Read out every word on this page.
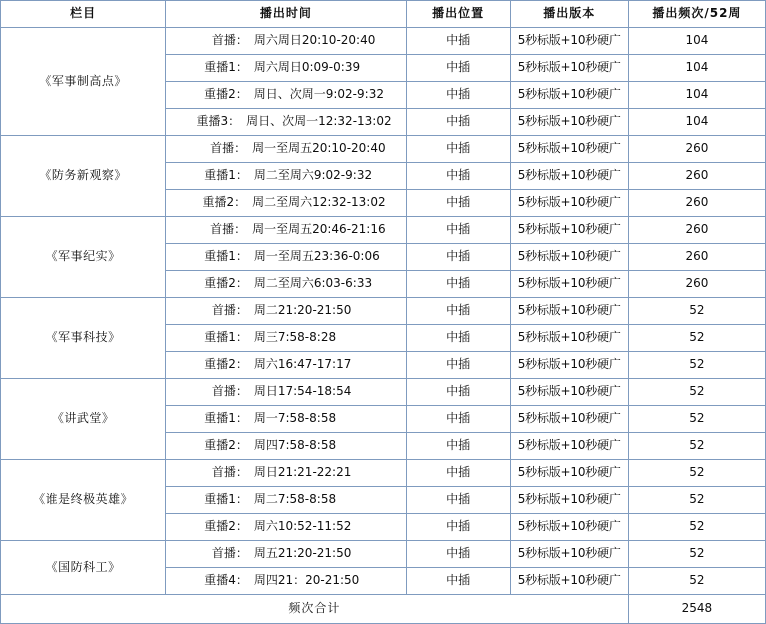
栏目	播出时间	播出位置	播出版本	播出频次/52周
《军事制高点》	首播： 周六周日20:10-20:40	中插	5秒标版+10秒硬广	104

	重播1： 周六周日0:09-0:39	中插	5秒标版+10秒硬广	104

	重播2： 周日、次周一9:02-9:32	中插	5秒标版+10秒硬广	104

	重播3： 周日、次周一12:32-13:02	中插	5秒标版+10秒硬广	104
《防务新观察》	首播： 周一至周五20:10-20:40	中插	5秒标版+10秒硬广	260

	重播1： 周二至周六9:02-9:32	中插	5秒标版+10秒硬广	260

	重播2： 周二至周六12:32-13:02	中插	5秒标版+10秒硬广	260
《军事纪实》	首播： 周一至周五20:46-21:16	中插	5秒标版+10秒硬广	260

	重播1： 周一至周五23:36-0:06	中插	5秒标版+10秒硬广	260

	重播2： 周二至周六6:03-6:33	中插	5秒标版+10秒硬广	260
《军事科技》	首播： 周二21:20-21:50	中插	5秒标版+10秒硬广	52

	重播1： 周三7:58-8:28	中插	5秒标版+10秒硬广	52

	重播2： 周六16:47-17:17	中插	5秒标版+10秒硬广	52
《讲武堂》	首播： 周日17:54-18:54	中插	5秒标版+10秒硬广	52

	重播1： 周一7:58-8:58	中插	5秒标版+10秒硬广	52

	重播2： 周四7:58-8:58	中插	5秒标版+10秒硬广	52
《谁是终极英雄》	首播： 周日21:21-22:21	中插	5秒标版+10秒硬广	52

	重播1： 周二7:58-8:58	中插	5秒标版+10秒硬广	52

	重播2： 周六10:52-11:52	中插	5秒标版+10秒硬广	52
《国防科工》	首播： 周五21:20-21:50	中插	5秒标版+10秒硬广	52

	重播4： 周四21：20-21:50	中插	5秒标版+10秒硬广	52
频次合计				2548
